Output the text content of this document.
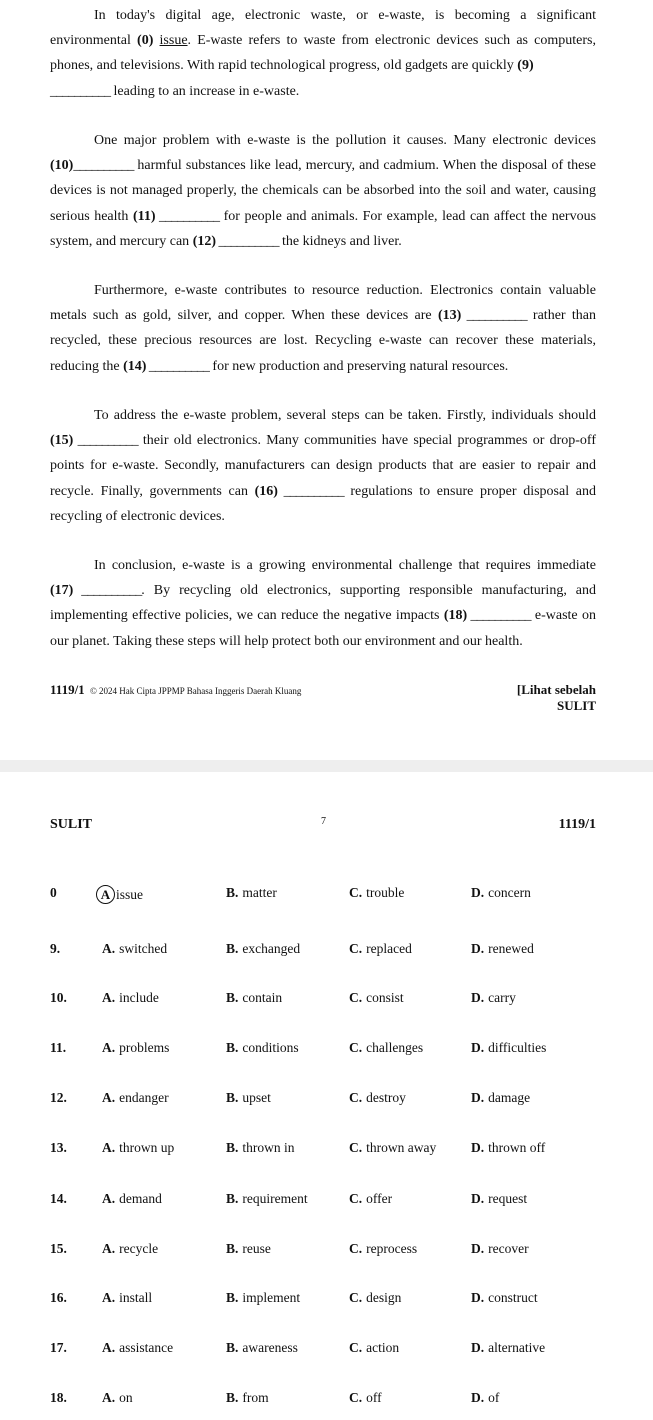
In today's digital age, electronic waste, or e-waste, is becoming a significant environmental (0) issue. E-waste refers to waste from electronic devices such as computers, phones, and televisions. With rapid technological progress, old gadgets are quickly (9)
__________ leading to an increase in e-waste.

One major problem with e-waste is the pollution it causes. Many electronic devices (10)__________ harmful substances like lead, mercury, and cadmium. When the disposal of these devices is not managed properly, the chemicals can be absorbed into the soil and water, causing serious health (11) __________ for people and animals. For example, lead can affect the nervous system, and mercury can (12) __________ the kidneys and liver.

Furthermore, e-waste contributes to resource reduction. Electronics contain valuable metals such as gold, silver, and copper. When these devices are (13) __________ rather than recycled, these precious resources are lost. Recycling e-waste can recover these materials, reducing the (14) __________ for new production and preserving natural resources.

To address the e-waste problem, several steps can be taken. Firstly, individuals should (15) __________ their old electronics. Many communities have special programmes or drop-off points for e-waste. Secondly, manufacturers can design products that are easier to repair and recycle. Finally, governments can (16) __________ regulations to ensure proper disposal and recycling of electronic devices.

In conclusion, e-waste is a growing environmental challenge that requires immediate (17) __________. By recycling old electronics, supporting responsible manufacturing, and implementing effective policies, we can reduce the negative impacts (18) __________ e-waste on our planet. Taking these steps will help protect both our environment and our health.

1119/1 © 2024 Hak Cipta JPPMP Bahasa Inggeris Daerah Kluang	[Lihat sebelah
SULIT
SULIT	7	1119/1
0	A issue	B. matter	C. trouble	D. concern
9.	A. switched	B. exchanged	C. replaced	D. renewed
10.	A. include	B. contain	C. consist	D. carry
11.	A. problems	B. conditions	C. challenges	D. difficulties
12.	A. endanger	B. upset	C. destroy	D. damage
13.	A. thrown up	B. thrown in	C. thrown away	D. thrown off
14.	A. demand	B. requirement	C. offer	D. request
15.	A. recycle	B. reuse	C. reprocess	D. recover
16.	A. install	B. implement	C. design	D. construct
17.	A. assistance	B. awareness	C. action	D. alternative
18.	A. on	B. from	C. off	D. of
